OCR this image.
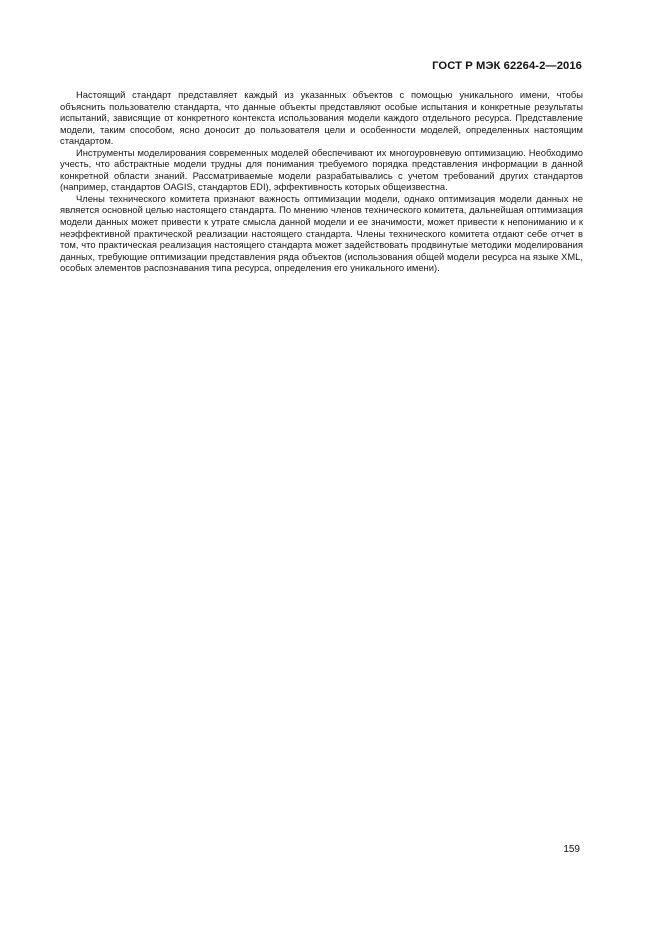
ГОСТ Р МЭК 62264-2—2016

Настоящий стандарт представляет каждый из указанных объектов с помощью уникального имени, чтобы объяснить пользователю стандарта, что данные объекты представляют особые испытания и конкретные результаты испытаний, зависящие от конкретного контекста использования модели каждого отдельного ресурса. Представление модели, таким способом, ясно доносит до пользователя цели и особенности моделей, определенных настоящим стандартом.

Инструменты моделирования современных моделей обеспечивают их многоуровневую оптимизацию. Необходимо учесть, что абстрактные модели трудны для понимания требуемого порядка представления информации в данной конкретной области знаний. Рассматриваемые модели разрабатывались с учетом требований других стандартов (например, стандартов OAGIS, стандартов EDI), эффективность которых общеизвестна.

Члены технического комитета признают важность оптимизации модели, однако оптимизация модели данных не является основной целью настоящего стандарта. По мнению членов технического комитета, дальнейшая оптимизация модели данных может привести к утрате смысла данной модели и ее значимости, может привести к непониманию и к неэффективной практической реализации настоящего стандарта. Члены технического комитета отдают себе отчет в том, что практическая реализация настоящего стандарта может задействовать продвинутые методики моделирования данных, требующие оптимизации представления ряда объектов (использования общей модели ресурса на языке XML, особых элементов распознавания типа ресурса, определения его уникального имени).

159
